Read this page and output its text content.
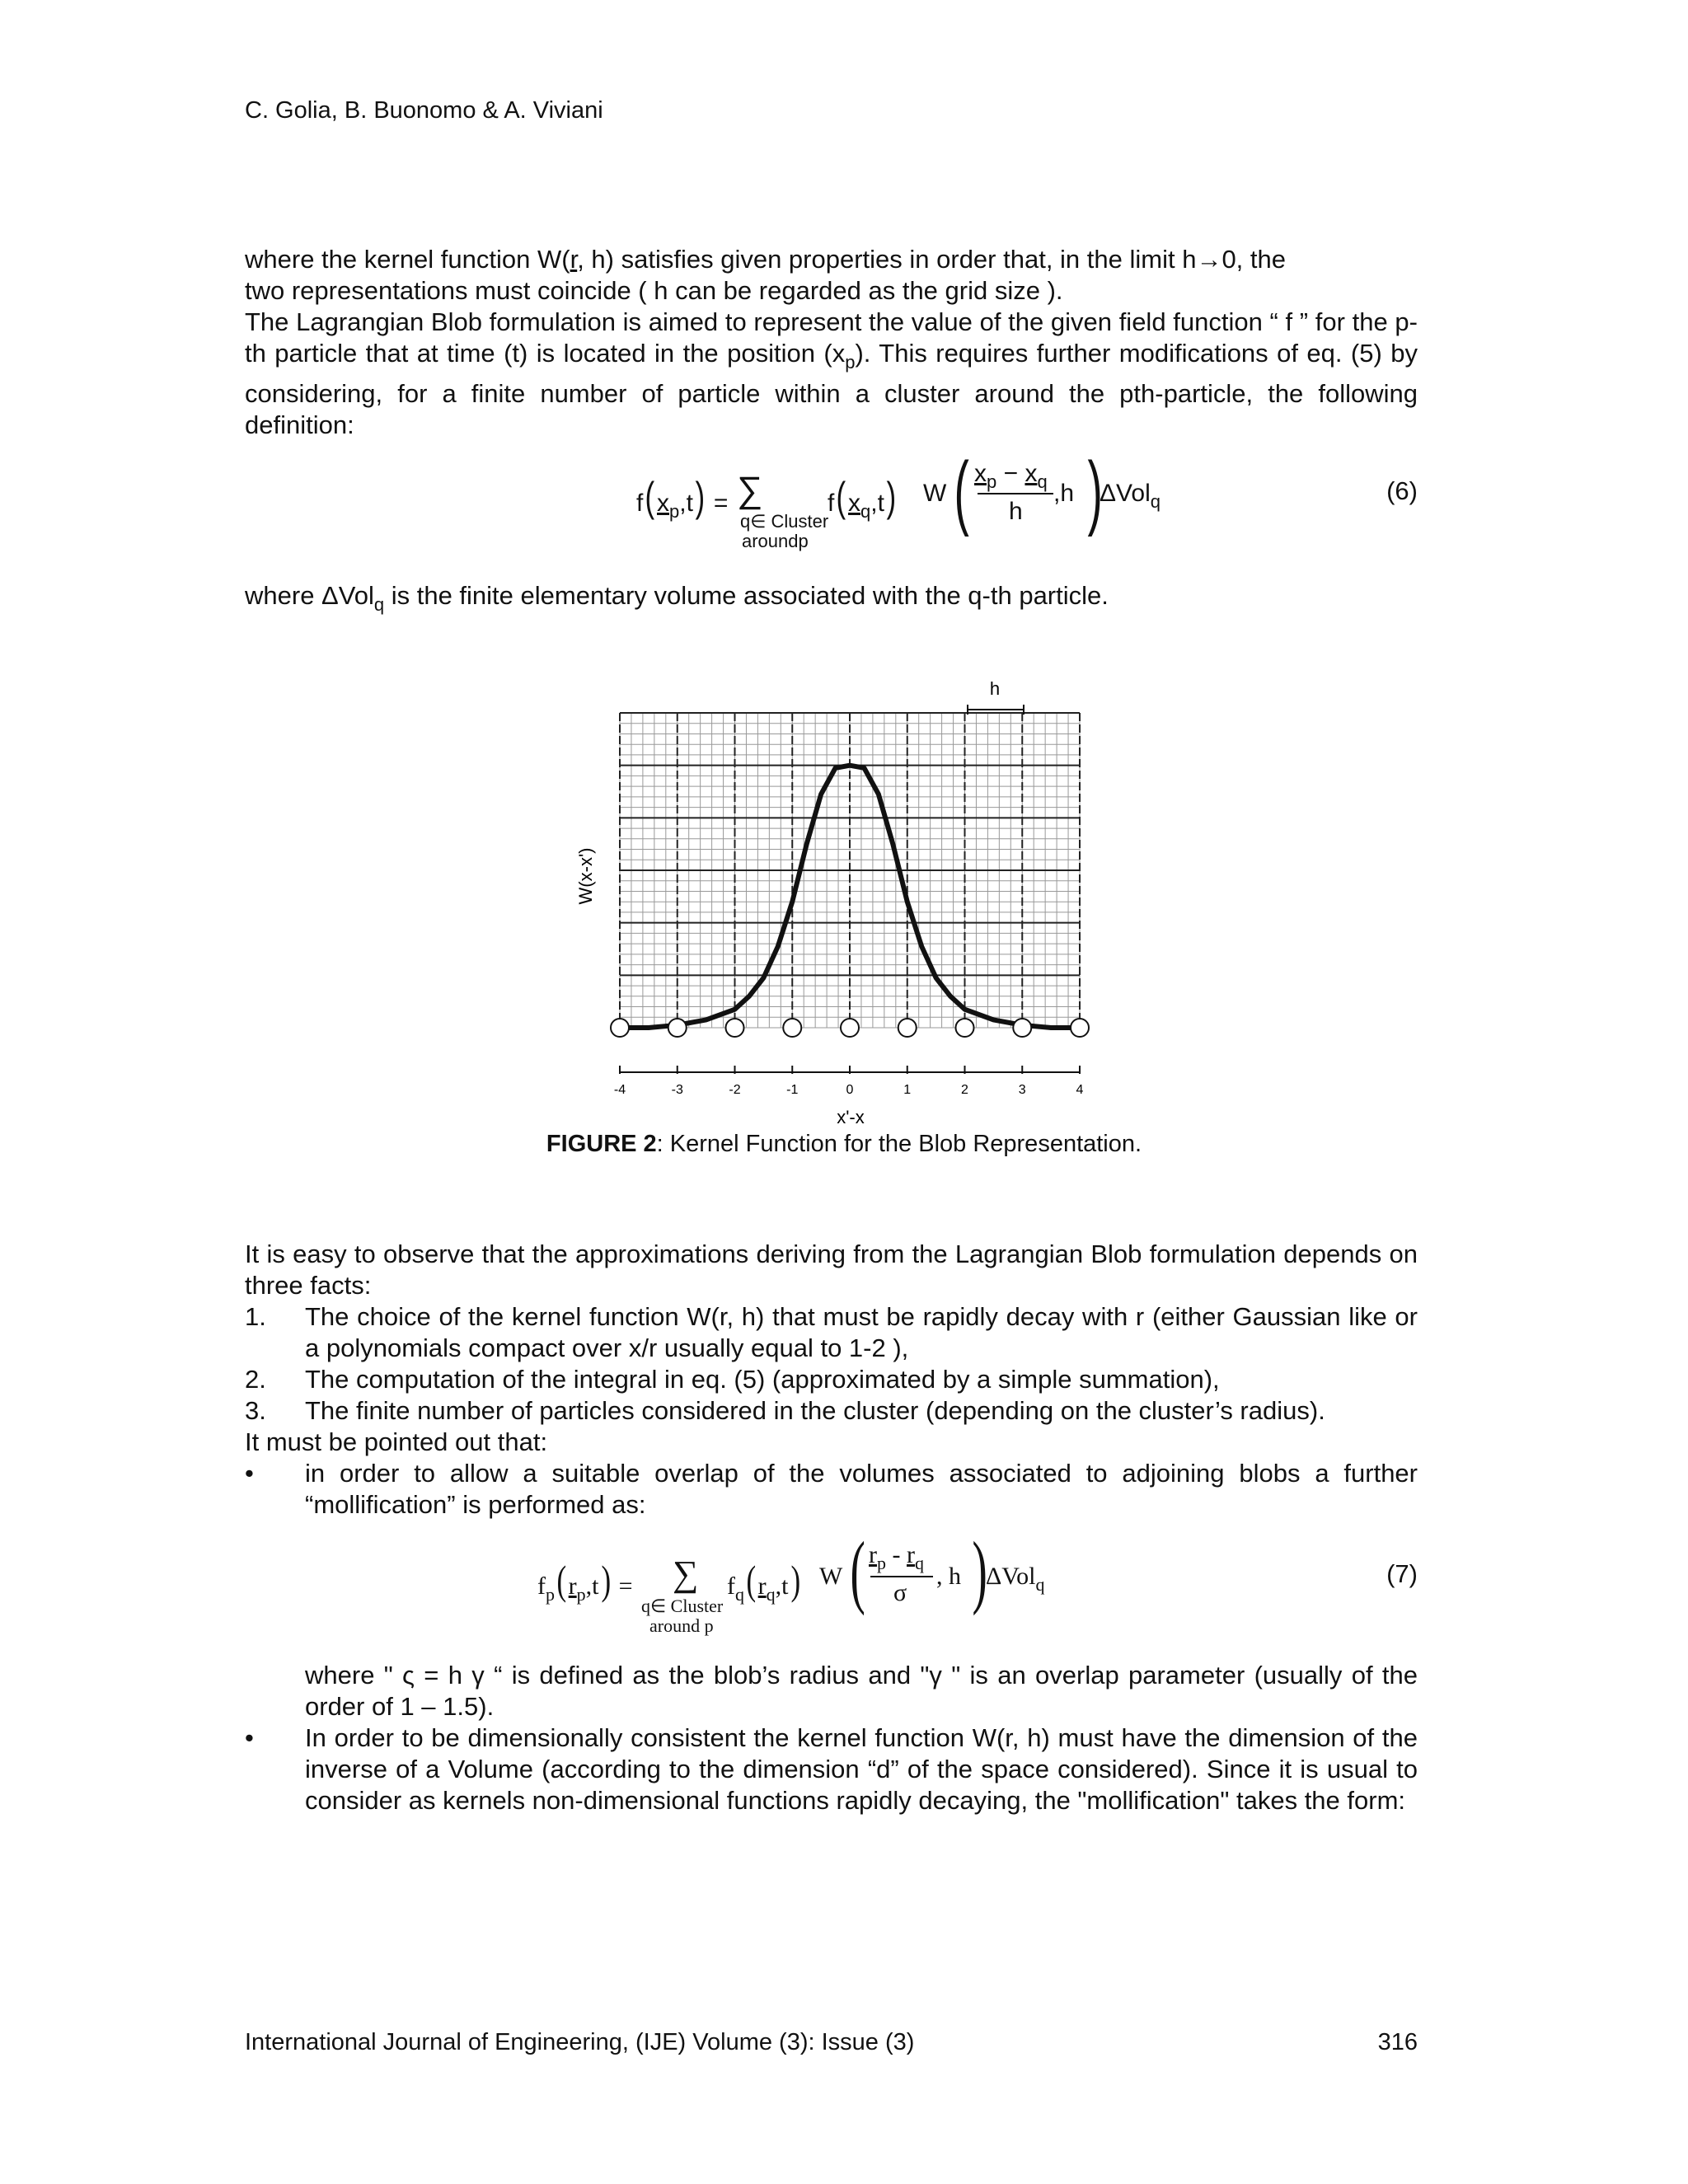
C. Golia, B. Buonomo & A. Viviani
where the kernel function W(r, h) satisfies given properties in order that, in the limit h→0, the
two representations must coincide ( h can be regarded as the grid size ).
The Lagrangian Blob formulation is aimed to represent the value of the given field function “ f ” for the p-th particle that at time (t) is located in the position $(x_p)$. This requires further modifications of eq. (5) by considering, for a finite number of particle within a cluster around the pth-particle, the following definition:
$f(x_p,t)$ = ∑
q∈ Cluster
aroundp
$f(x_q,t)$ W ( $x_p - x_q$
h
,h )
ΔVol$_q$	(6)
where ΔVol$_q$ is the finite elementary volume associated with the q-th particle.
-4	-3	-2	-1	0	1	2	3	4
W(x-x')
x'-x
h
FIGURE 2: Kernel Function for the Blob Representation.
It is easy to observe that the approximations deriving from the Lagrangian Blob formulation depends on three facts:
1. The choice of the kernel function W(r, h) that must be rapidly decay with r (either Gaussian like or a polynomials compact over x/r usually equal to 1-2 ),
2. The computation of the integral in eq. (5) (approximated by a simple summation),
3. The finite number of particles considered in the cluster (depending on the cluster’s radius).
It must be pointed out that:
• in order to allow a suitable overlap of the volumes associated to adjoining blobs a further “mollification” is performed as:
$f_p(r_p,t)$ = ∑
q∈ Cluster
around p
$f_q(r_q,t)$ W ( $r_p - r_q$
σ
, h )
ΔVol$_q$	(7)
where " ς = h γ “ is defined as the blob’s radius and "γ " is an overlap parameter (usually of the order of 1 – 1.5).
• In order to be dimensionally consistent the kernel function W(r, h) must have the dimension of the inverse of a Volume (according to the dimension “d” of the space considered). Since it is usual to consider as kernels non-dimensional functions rapidly decaying, the "mollification" takes the form:
International Journal of Engineering, (IJE) Volume (3): Issue (3)	316
